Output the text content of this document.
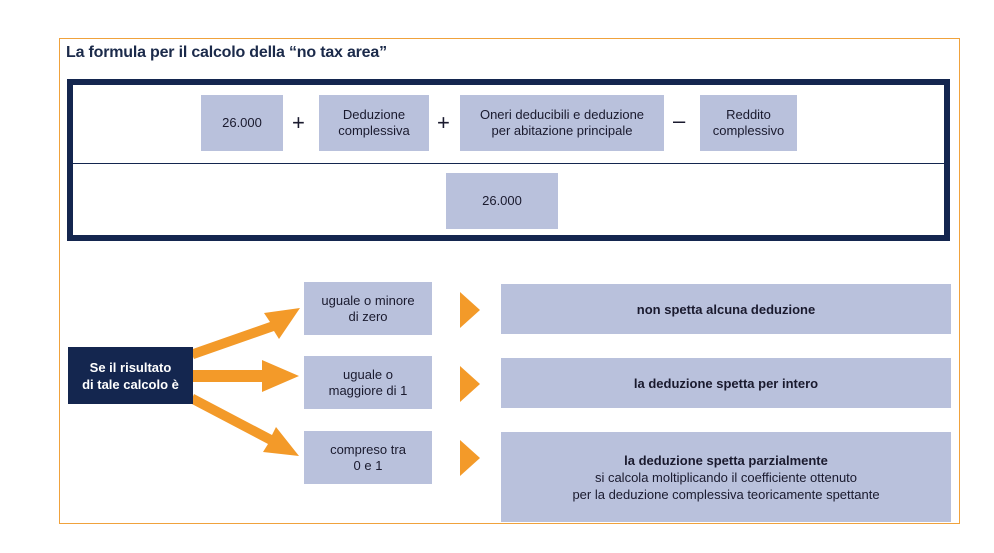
La formula per il calcolo della “no tax area”
26.000 +	Deduzione
complessiva + Oneri deducibili e deduzione
per abitazione principale –	Reddito
complessivo
26.000
Se il risultato
di tale calcolo è
uguale o minore
di zero
uguale o
maggiore di 1
compreso tra
0 e 1
non spetta alcuna deduzione
la deduzione spetta per intero
la deduzione spetta parzialmente
si calcola moltiplicando il coefficiente ottenuto
per la deduzione complessiva teoricamente spettante
